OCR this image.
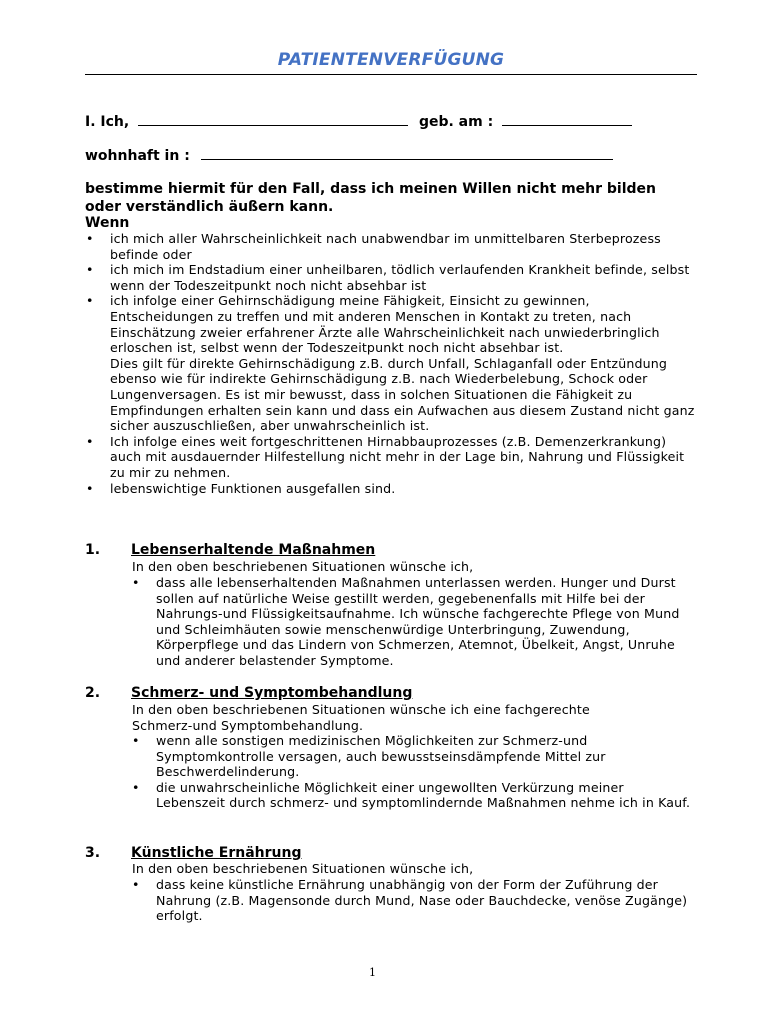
PATIENTENVERFÜGUNG
I. Ich,	geb. am :
wohnhaft in :
bestimme hiermit für den Fall, dass ich meinen Willen nicht mehr bilden oder verständlich äußern kann.
Wenn
• ich mich aller Wahrscheinlichkeit nach unabwendbar im unmittelbaren Sterbeprozess befinde oder
• ich mich im Endstadium einer unheilbaren, tödlich verlaufenden Krankheit befinde, selbst wenn der Todeszeitpunkt noch nicht absehbar ist
• ich infolge einer Gehirnschädigung meine Fähigkeit, Einsicht zu gewinnen, Entscheidungen zu treffen und mit anderen Menschen in Kontakt zu treten, nach Einschätzung zweier erfahrener Ärzte alle Wahrscheinlichkeit nach unwiederbringlich erloschen ist, selbst wenn der Todeszeitpunkt noch nicht absehbar ist.
Dies gilt für direkte Gehirnschädigung z.B. durch Unfall, Schlaganfall oder Entzündung ebenso wie für indirekte Gehirnschädigung z.B. nach Wiederbelebung, Schock oder Lungenversagen. Es ist mir bewusst, dass in solchen Situationen die Fähigkeit zu Empfindungen erhalten sein kann und dass ein Aufwachen aus diesem Zustand nicht ganz sicher auszuschließen, aber unwahrscheinlich ist.
• Ich infolge eines weit fortgeschrittenen Hirnabbauprozesses (z.B. Demenzerkrankung) auch mit ausdauernder Hilfestellung nicht mehr in der Lage bin, Nahrung und Flüssigkeit zu mir zu nehmen.
• lebenswichtige Funktionen ausgefallen sind.
1. Lebenserhaltende Maßnahmen
In den oben beschriebenen Situationen wünsche ich,
• dass alle lebenserhaltenden Maßnahmen unterlassen werden. Hunger und Durst sollen auf natürliche Weise gestillt werden, gegebenenfalls mit Hilfe bei der Nahrungs-und Flüssigkeitsaufnahme. Ich wünsche fachgerechte Pflege von Mund und Schleimhäuten sowie menschenwürdige Unterbringung, Zuwendung, Körperpflege und das Lindern von Schmerzen, Atemnot, Übelkeit, Angst, Unruhe und anderer belastender Symptome.
2. Schmerz- und Symptombehandlung
In den oben beschriebenen Situationen wünsche ich eine fachgerechte Schmerz-und Symptombehandlung.
• wenn alle sonstigen medizinischen Möglichkeiten zur Schmerz-und Symptomkontrolle versagen, auch bewusstseinsdämpfende Mittel zur Beschwerdelinderung.
• die unwahrscheinliche Möglichkeit einer ungewollten Verkürzung meiner Lebenszeit durch schmerz- und symptomlindernde Maßnahmen nehme ich in Kauf.
3. Künstliche Ernährung
In den oben beschriebenen Situationen wünsche ich,
• dass keine künstliche Ernährung unabhängig von der Form der Zuführung der Nahrung (z.B. Magensonde durch Mund, Nase oder Bauchdecke, venöse Zugänge) erfolgt.
1
